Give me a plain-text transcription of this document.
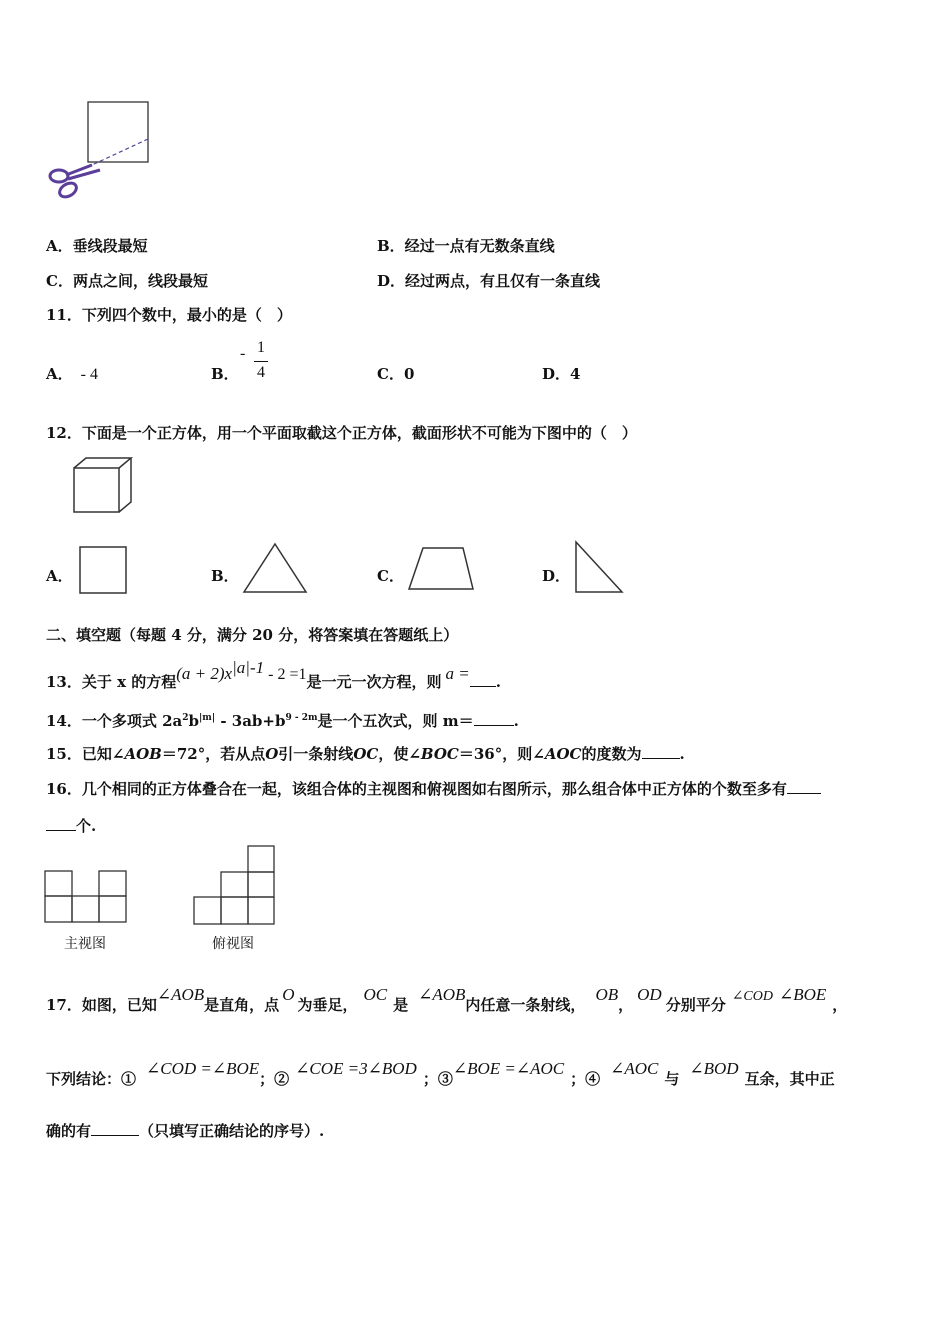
A．垂线段最短	B．经过一点有无数条直线
C．两点之间，线段最短	D．经过两点，有且仅有一条直线
11．下列四个数中，最小的是（　）
A． - 4	B．
- 1
4	C．0	D．4
12．下面是一个正方体，用一个平面取截这个正方体，截面形状不可能为下图中的（　）
A．	B．	C．	D．
二、填空题（每题 4 分，满分 20 分，将答案填在答题纸上）
13．关于 x 的方程$(a + 2)x^{|a|-1} - 2 =1$是一元一次方程，则 a = .
14．一个多项式 $2a^2b^{|m|} - 3ab+b^{9 - 2m}$是一个五次式，则 m＝	.
15．已知∠AOB＝72°，若从点O引一条射线OC，使∠BOC＝36°，则∠AOC的度数为	.
16．几个相同的正方体叠合在一起，该组合体的主视图和俯视图如右图所示，那么组合体中正方体的个数至多有
个.
主视图	俯视图
17．如图，已知∠AOB是直角，点O为垂足，OC是∠AOB内任意一条射线，OB，OD分别平分 ∠COD ∠BOE，
下列结论：①∠COD =∠BOE；②∠COE =3∠BOD；③∠BOE =∠AOC；④∠AOC与∠BOD互余，其中正
确的有	（只填写正确结论的序号）.
